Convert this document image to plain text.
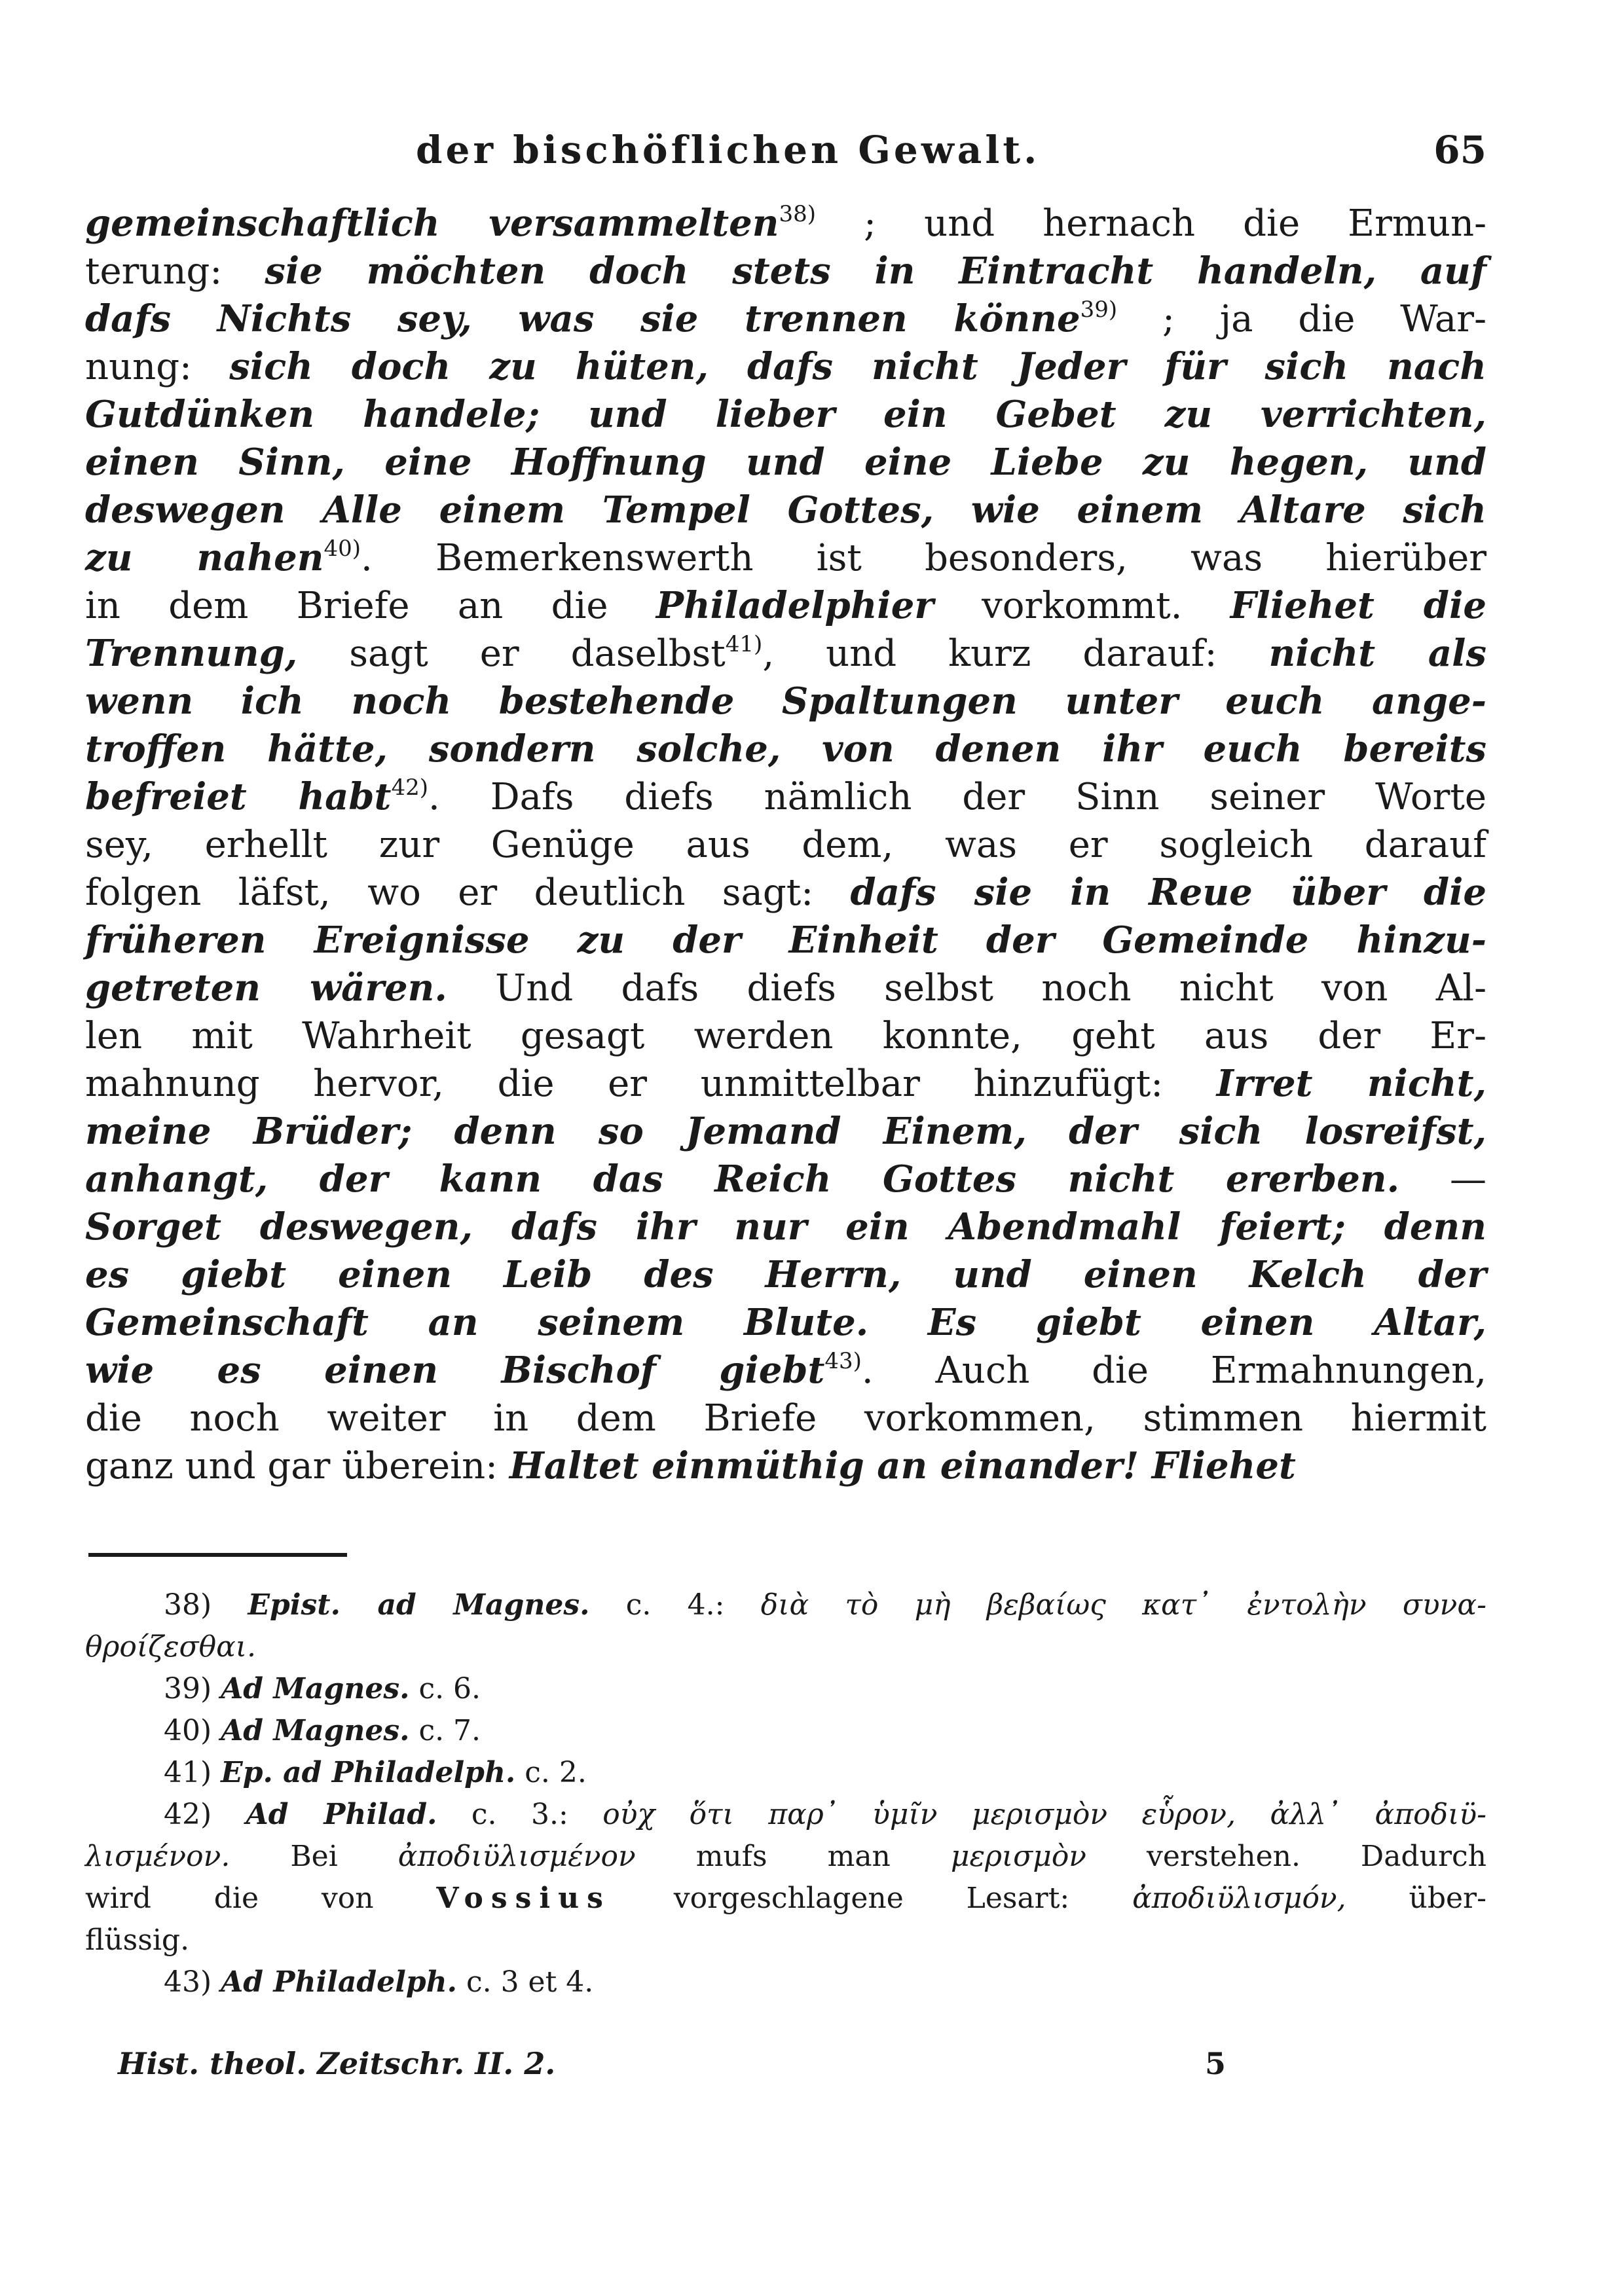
der bischöflichen Gewalt.	65
gemeinschaftlich versammelten$^{38)}$ ; und hernach die Ermun-
terung: sie möchten doch stets in Eintracht handeln, auf
dafs Nichts sey, was sie trennen könne$^{39)}$ ; ja die War-
nung: sich doch zu hüten, dafs nicht Jeder für sich nach
Gutdünken handele; und lieber ein Gebet zu verrichten,
einen Sinn, eine Hoffnung und eine Liebe zu hegen, und
deswegen Alle einem Tempel Gottes, wie einem Altare sich
zu nahen$^{40)}$. Bemerkenswerth ist besonders, was hierüber
in dem Briefe an die Philadelphier vorkommt. Fliehet die
Trennung, sagt er daselbst$^{41)}$, und kurz darauf: nicht als
wenn ich noch bestehende Spaltungen unter euch ange-
troffen hätte, sondern solche, von denen ihr euch bereits
befreiet habt$^{42)}$. Dafs diefs nämlich der Sinn seiner Worte
sey, erhellt zur Genüge aus dem, was er sogleich darauf
folgen läfst, wo er deutlich sagt: dafs sie in Reue über die
früheren Ereignisse zu der Einheit der Gemeinde hinzu-
getreten wären. Und dafs diefs selbst noch nicht von Al-
len mit Wahrheit gesagt werden konnte, geht aus der Er-
mahnung hervor, die er unmittelbar hinzufügt: Irret nicht,
meine Brüder; denn so Jemand Einem, der sich losreifst,
anhangt, der kann das Reich Gottes nicht ererben. —
Sorget deswegen, dafs ihr nur ein Abendmahl feiert; denn
es giebt einen Leib des Herrn, und einen Kelch der
Gemeinschaft an seinem Blute. Es giebt einen Altar,
wie es einen Bischof giebt$^{43)}$. Auch die Ermahnungen,
die noch weiter in dem Briefe vorkommen, stimmen hiermit
ganz und gar überein: Haltet einmüthig an einander! Fliehet
38) Epist. ad Magnes. c. 4.: διὰ τὸ μὴ βεβαίως κατ᾿ ἐντολὴν συνα-
θροίζεσθαι.
39) Ad Magnes. c. 6.
40) Ad Magnes. c. 7.
41) Ep. ad Philadelph. c. 2.
42) Ad Philad. c. 3.: οὐχ ὅτι παρ᾿ ὑμῖν μερισμὸν εὗρον, ἀλλ᾿ ἀποδιϋ-
λισμένον. Bei ἀποδιϋλισμένον mufs man μερισμὸν verstehen. Dadurch
wird die von Vossius vorgeschlagene Lesart: ἀποδιϋλισμόν, über-
flüssig.
43) Ad Philadelph. c. 3 et 4.
Hist. theol. Zeitschr. II. 2.	5
